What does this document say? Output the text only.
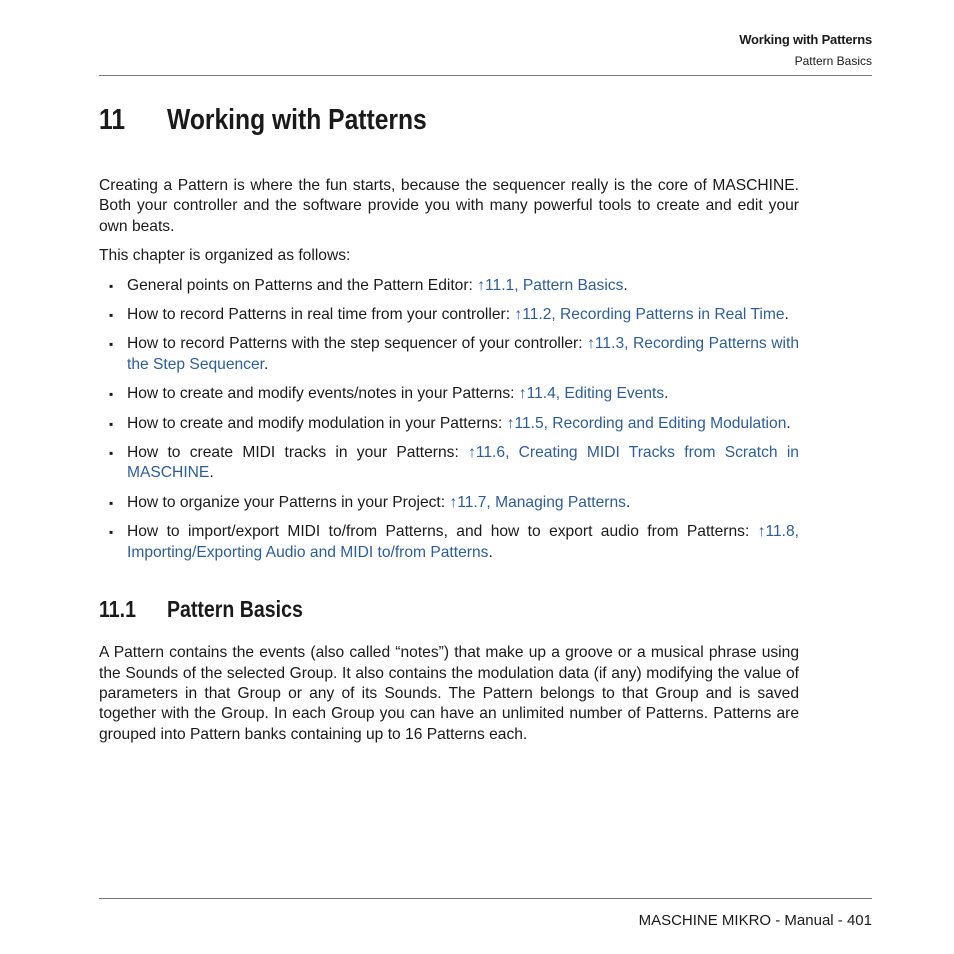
Working with Patterns
Pattern Basics
11 Working with Patterns

Creating a Pattern is where the fun starts, because the sequencer really is the core of MASCHINE. Both your controller and the software provide you with many powerful tools to create and edit your own beats.

This chapter is organized as follows:

▪ General points on Patterns and the Pattern Editor: ↑11.1, Pattern Basics.
▪ How to record Patterns in real time from your controller: ↑11.2, Recording Patterns in Real Time.
▪ How to record Patterns with the step sequencer of your controller: ↑11.3, Recording Patterns with the Step Sequencer.
▪ How to create and modify events/notes in your Patterns: ↑11.4, Editing Events.
▪ How to create and modify modulation in your Patterns: ↑11.5, Recording and Editing Modulation.
▪ How to create MIDI tracks in your Patterns: ↑11.6, Creating MIDI Tracks from Scratch in MASCHINE.
▪ How to organize your Patterns in your Project: ↑11.7, Managing Patterns.
▪ How to import/export MIDI to/from Patterns, and how to export audio from Patterns: ↑11.8, Importing/Exporting Audio and MIDI to/from Patterns.
11.1 Pattern Basics

A Pattern contains the events (also called “notes”) that make up a groove or a musical phrase using the Sounds of the selected Group. It also contains the modulation data (if any) modifying the value of parameters in that Group or any of its Sounds. The Pattern belongs to that Group and is saved together with the Group. In each Group you can have an unlimited number of Patterns. Patterns are grouped into Pattern banks containing up to 16 Patterns each.

MASCHINE MIKRO - Manual - 401
